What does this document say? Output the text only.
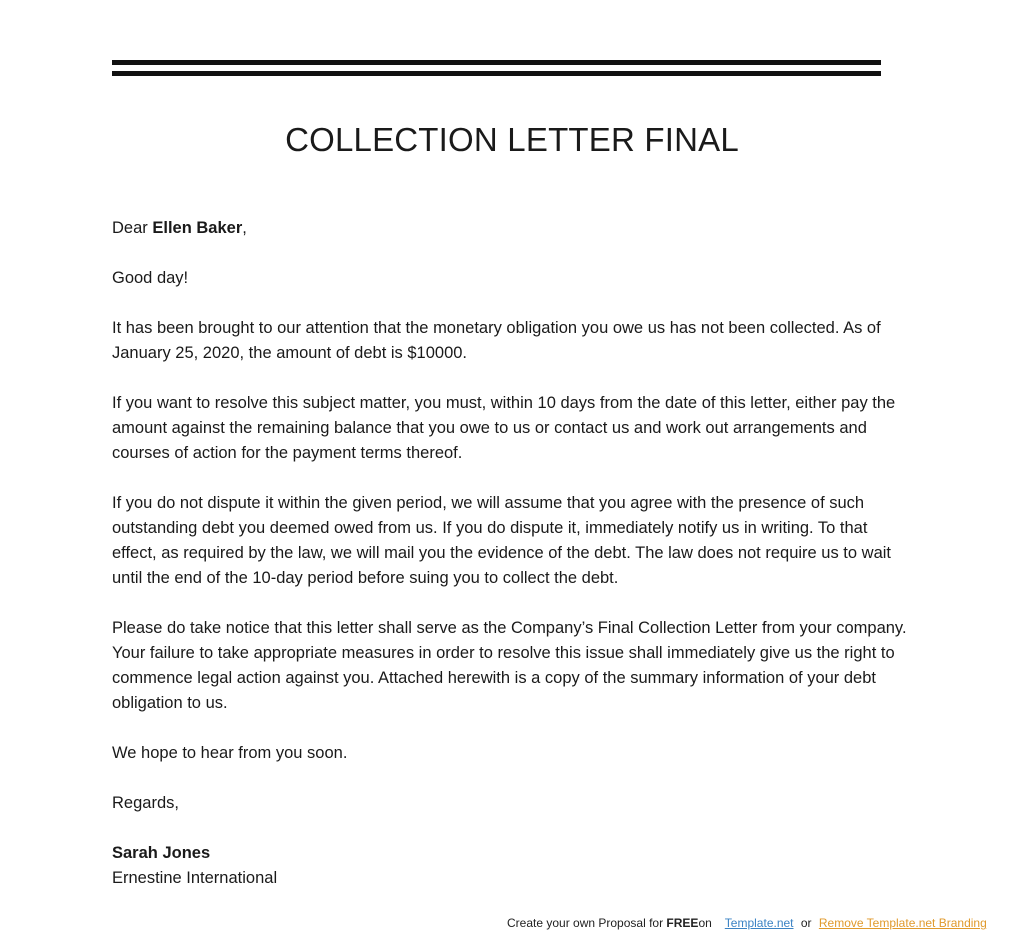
COLLECTION LETTER FINAL

Dear Ellen Baker,

Good day!

It has been brought to our attention that the monetary obligation you owe us has not been collected. As of January 25, 2020, the amount of debt is $10000.

If you want to resolve this subject matter, you must, within 10 days from the date of this letter, either pay the amount against the remaining balance that you owe to us or contact us and work out arrangements and courses of action for the payment terms thereof.

If you do not dispute it within the given period, we will assume that you agree with the presence of such outstanding debt you deemed owed from us. If you do dispute it, immediately notify us in writing. To that effect, as required by the law, we will mail you the evidence of the debt. The law does not require us to wait until the end of the 10-day period before suing you to collect the debt.

Please do take notice that this letter shall serve as the Company’s Final Collection Letter from your company. Your failure to take appropriate measures in order to resolve this issue shall immediately give us the right to commence legal action against you. Attached herewith is a copy of the summary information of your debt obligation to us.

We hope to hear from you soon.

Regards,

Sarah Jones

Ernestine International

Create your own Proposal for FREEon Template.net or Remove Template.net Branding
